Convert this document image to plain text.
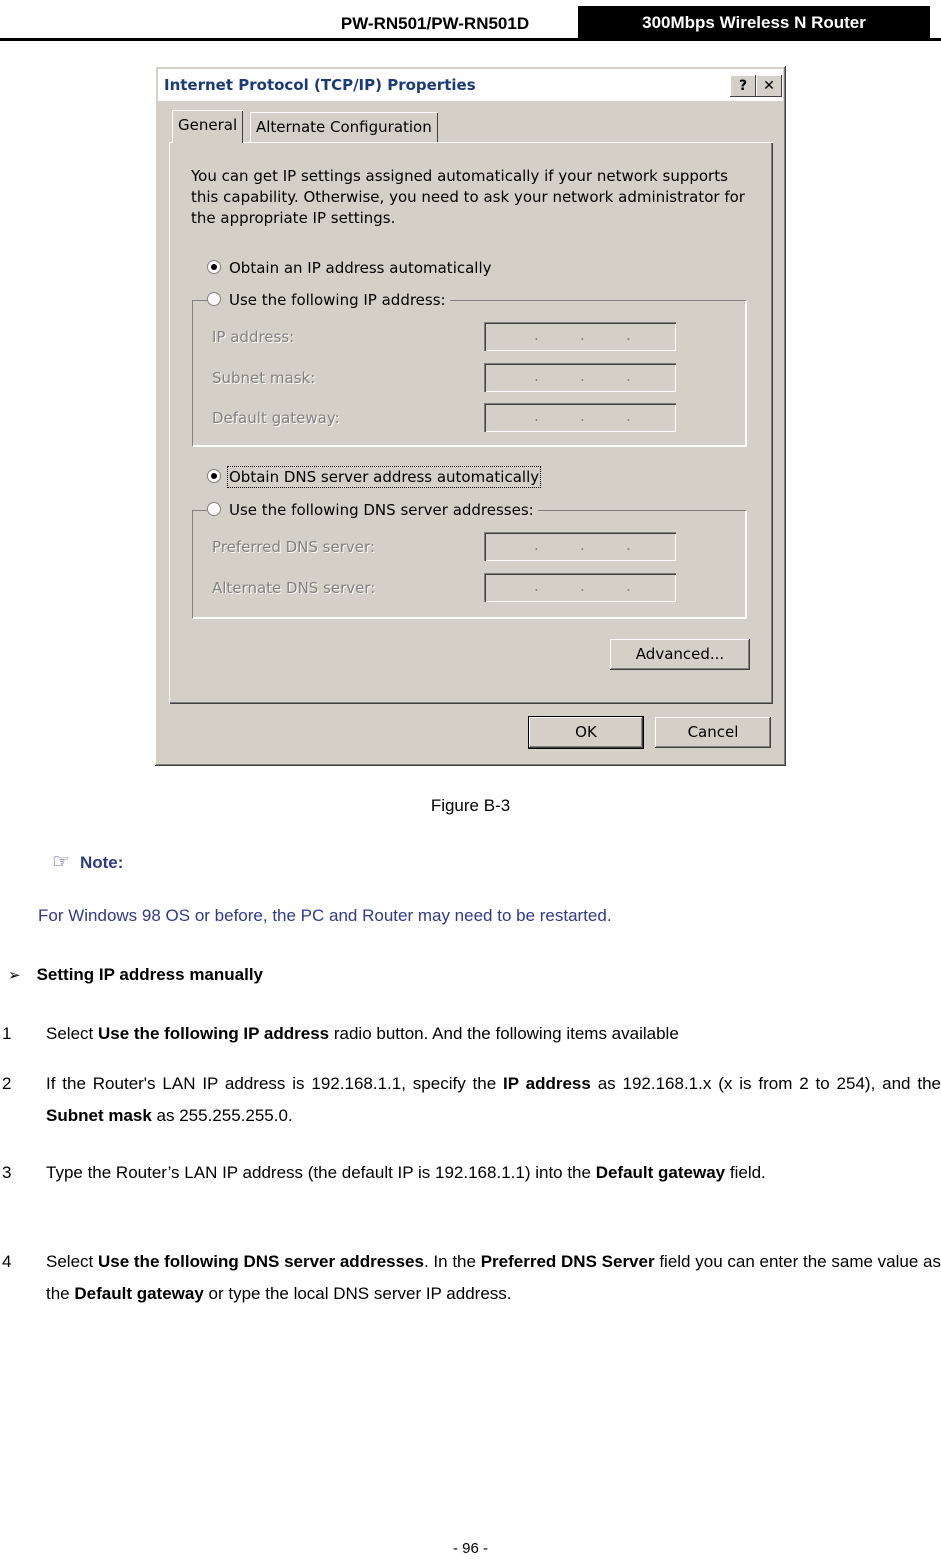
PW-RN501/PW-RN501D	300Mbps Wireless N Router
Internet Protocol (TCP/IP) Properties	?	✕
General	Alternate Configuration

You can get IP settings assigned automatically if your network supports this capability. Otherwise, you need to ask your network administrator for the appropriate IP settings.

Obtain an IP address automatically
IP address:	.	.	.
Subnet mask:	.	.	.
Default gateway:	.	.	.
Use the following IP address:
Obtain DNS server address automatically
Preferred DNS server:	.	.	.
Alternate DNS server:	.	.	.
Use the following DNS server addresses:
Advanced...
OK	Cancel
Figure B-3
☞ Note:
For Windows 98 OS or before, the PC and Router may need to be restarted.
➢ Setting IP address manually
1 Select Use the following IP address radio button. And the following items available
2 If the Router's LAN IP address is 192.168.1.1, specify the IP address as 192.168.1.x (x is from 2 to 254), and the Subnet mask as 255.255.255.0.
3 Type the Router’s LAN IP address (the default IP is 192.168.1.1) into the Default gateway field.
4 Select Use the following DNS server addresses. In the Preferred DNS Server field you can enter the same value as the Default gateway or type the local DNS server IP address.
- 96 -
